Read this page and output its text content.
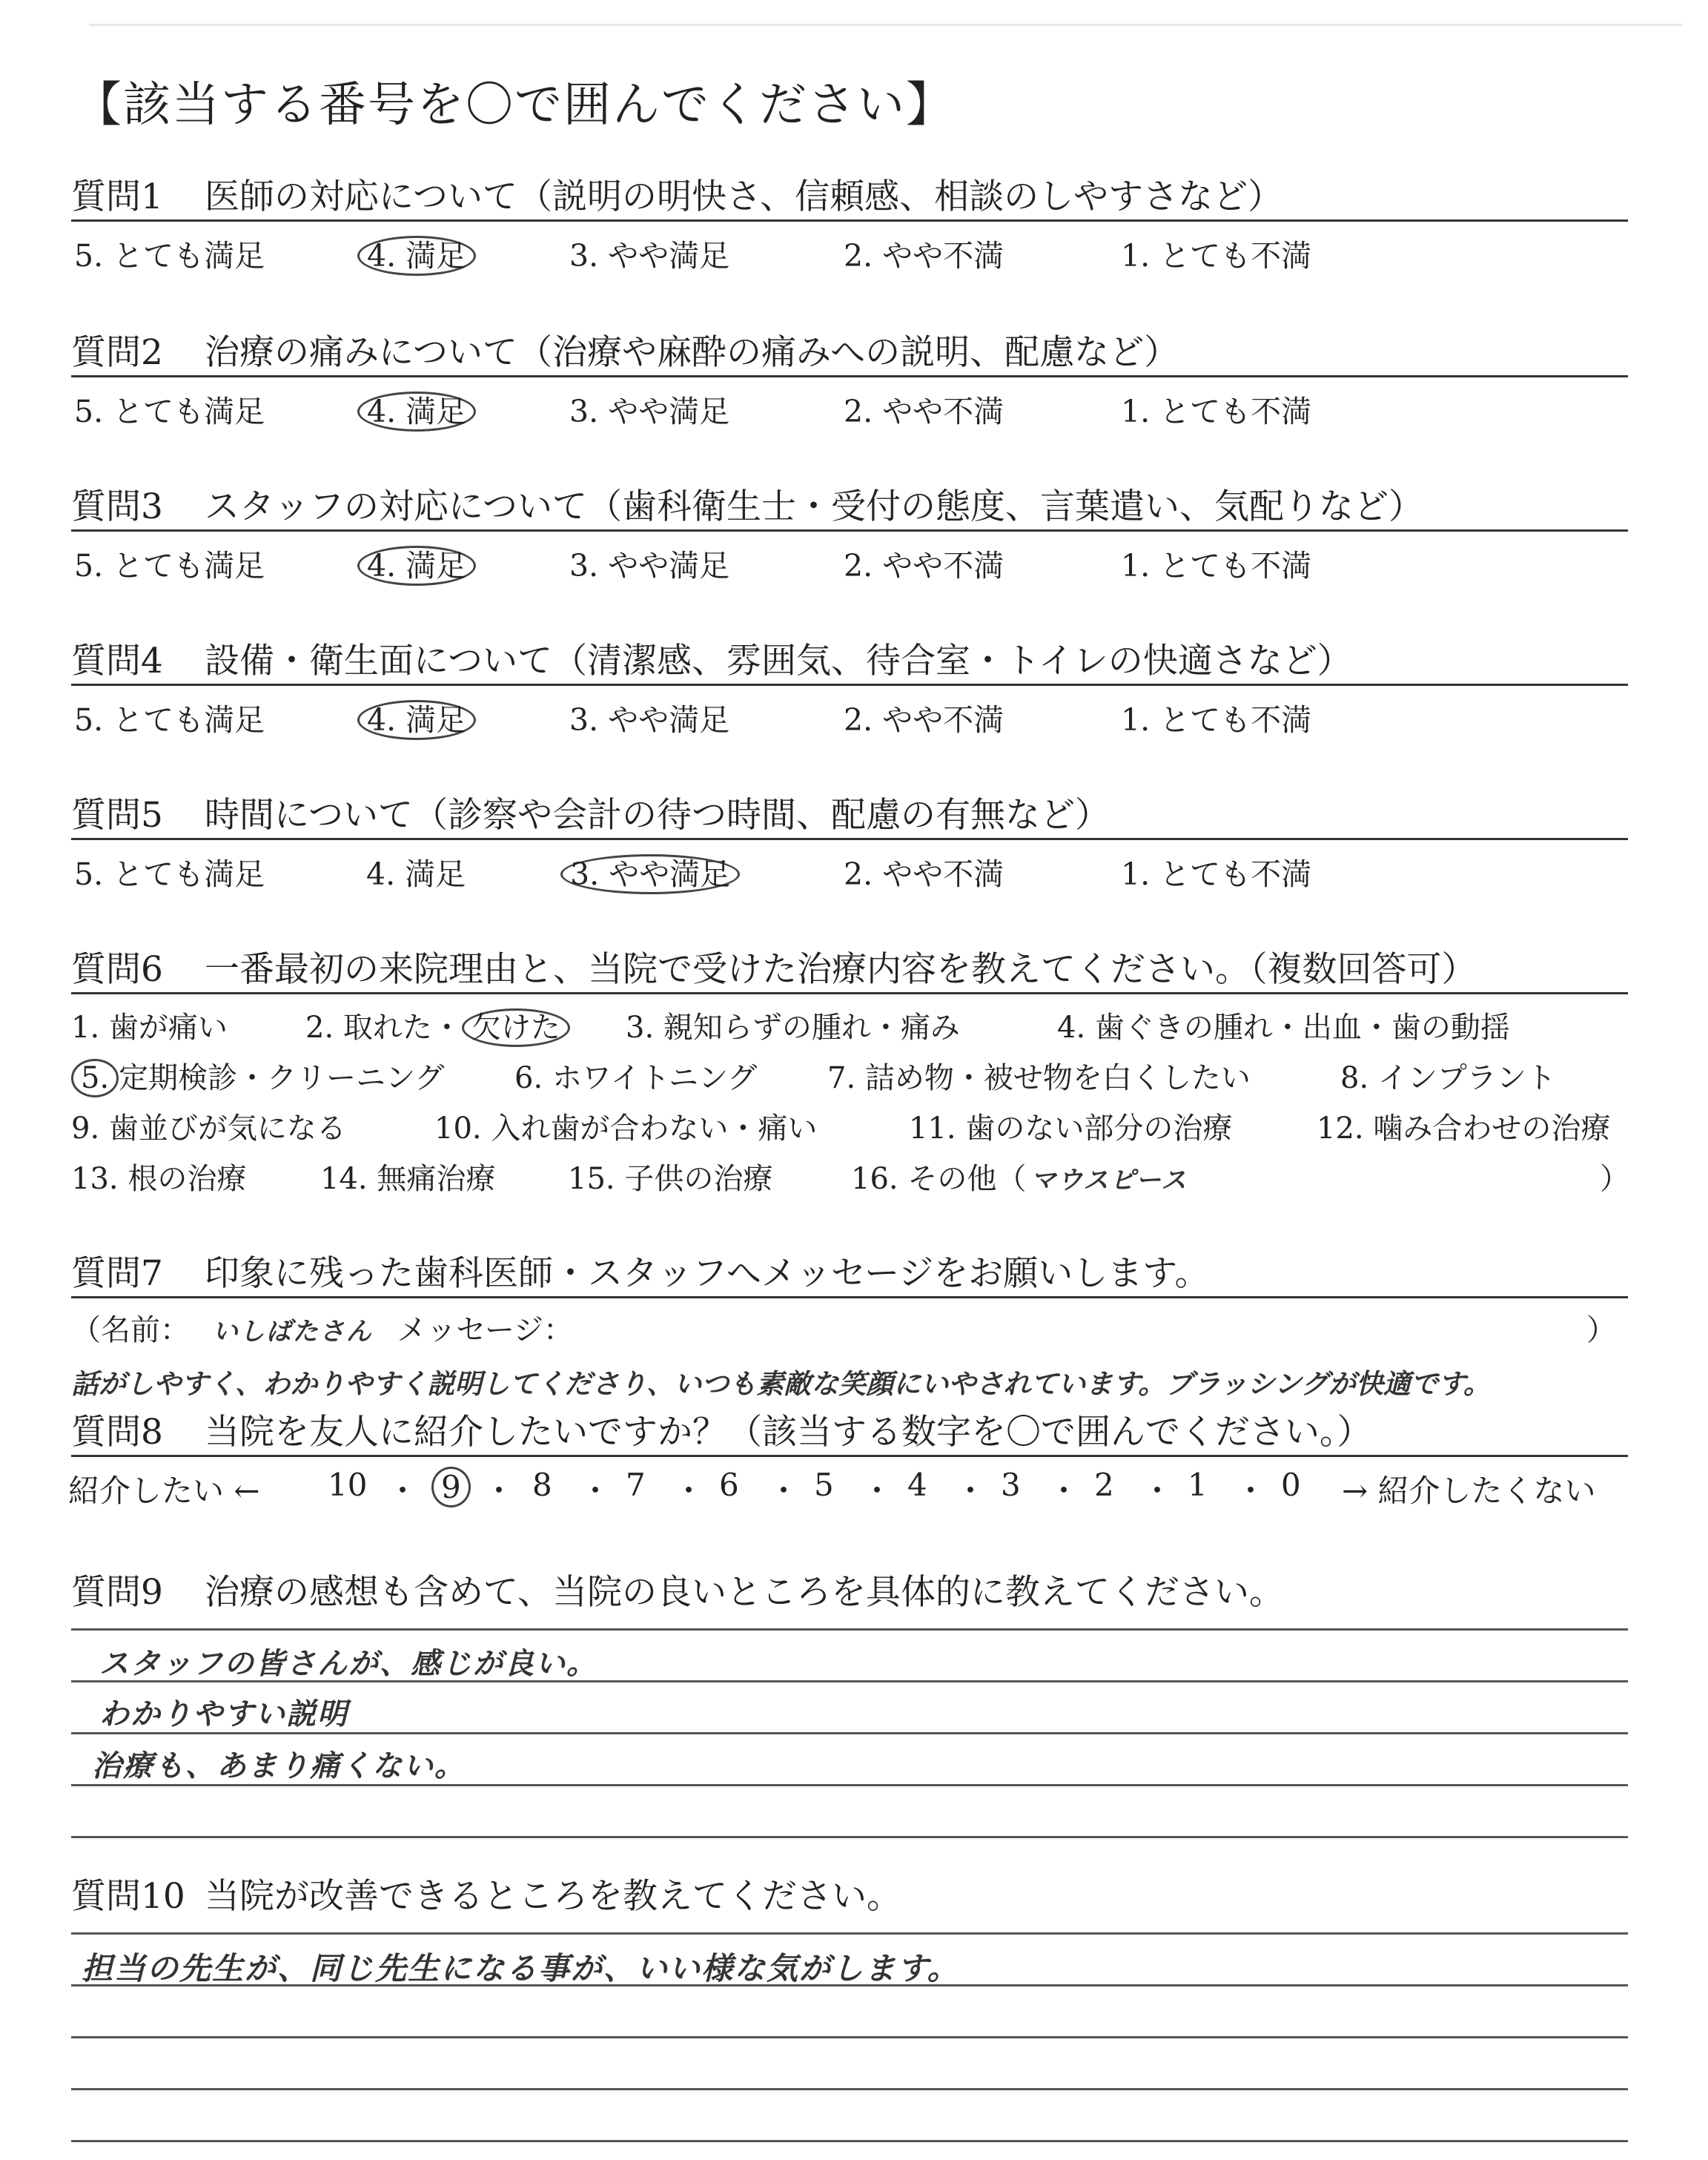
【該当する番号を〇で囲んでください】
質問1 医師の対応について（説明の明快さ、信頼感、相談のしやすさなど）
5. とても満足	4. 満足	3. やや満足	2. やや不満	1. とても不満
質問2 治療の痛みについて（治療や麻酔の痛みへの説明、配慮など）
5. とても満足	4. 満足	3. やや満足	2. やや不満	1. とても不満
質問3 スタッフの対応について（歯科衛生士・受付の態度、言葉遣い、気配りなど）
5. とても満足	4. 満足	3. やや満足	2. やや不満	1. とても不満
質問4 設備・衛生面について（清潔感、雰囲気、待合室・トイレの快適さなど）
5. とても満足	4. 満足	3. やや満足	2. やや不満	1. とても不満
質問5 時間について（診察や会計の待つ時間、配慮の有無など）
5. とても満足	4. 満足	3. やや満足	2. やや不満	1. とても不満
質問6 一番最初の来院理由と、当院で受けた治療内容を教えてください。（複数回答可）
1. 歯が痛い	2. 取れた・ 欠けた	3. 親知らずの腫れ・痛み	4. 歯ぐきの腫れ・出血・歯の動揺
5. 定期検診・クリーニング 6. ホワイトニング 7. 詰め物・被せ物を白くしたい	8. インプラント
9. 歯並びが気になる	10. 入れ歯が合わない・痛い	11. 歯のない部分の治療	12. 噛み合わせの治療
13. 根の治療 14. 無痛治療 15. 子供の治療	16. その他（ マウスピース	）
質問7 印象に残った歯科医師・スタッフへメッセージをお願いします。
（名前： いしばたさん メッセージ：	）
話がしやすく、わかりやすく説明してくださり、いつも素敵な笑顔にいやされています。ブラッシングが快適です。
質問8 当院を友人に紹介したいですか？（該当する数字を〇で囲んでください。）
紹介したい ← 10 ・ 9 ・ 8 ・ 7 ・ 6 ・ 5 ・ 4 ・ 3 ・ 2 ・ 1 ・ 0 → 紹介したくない
質問9 治療の感想も含めて、当院の良いところを具体的に教えてください。
スタッフの皆さんが、感じが良い。
わかりやすい説明
治療も、あまり痛くない。
質問10 当院が改善できるところを教えてください。
担当の先生が、同じ先生になる事が、いい様な気がします。
